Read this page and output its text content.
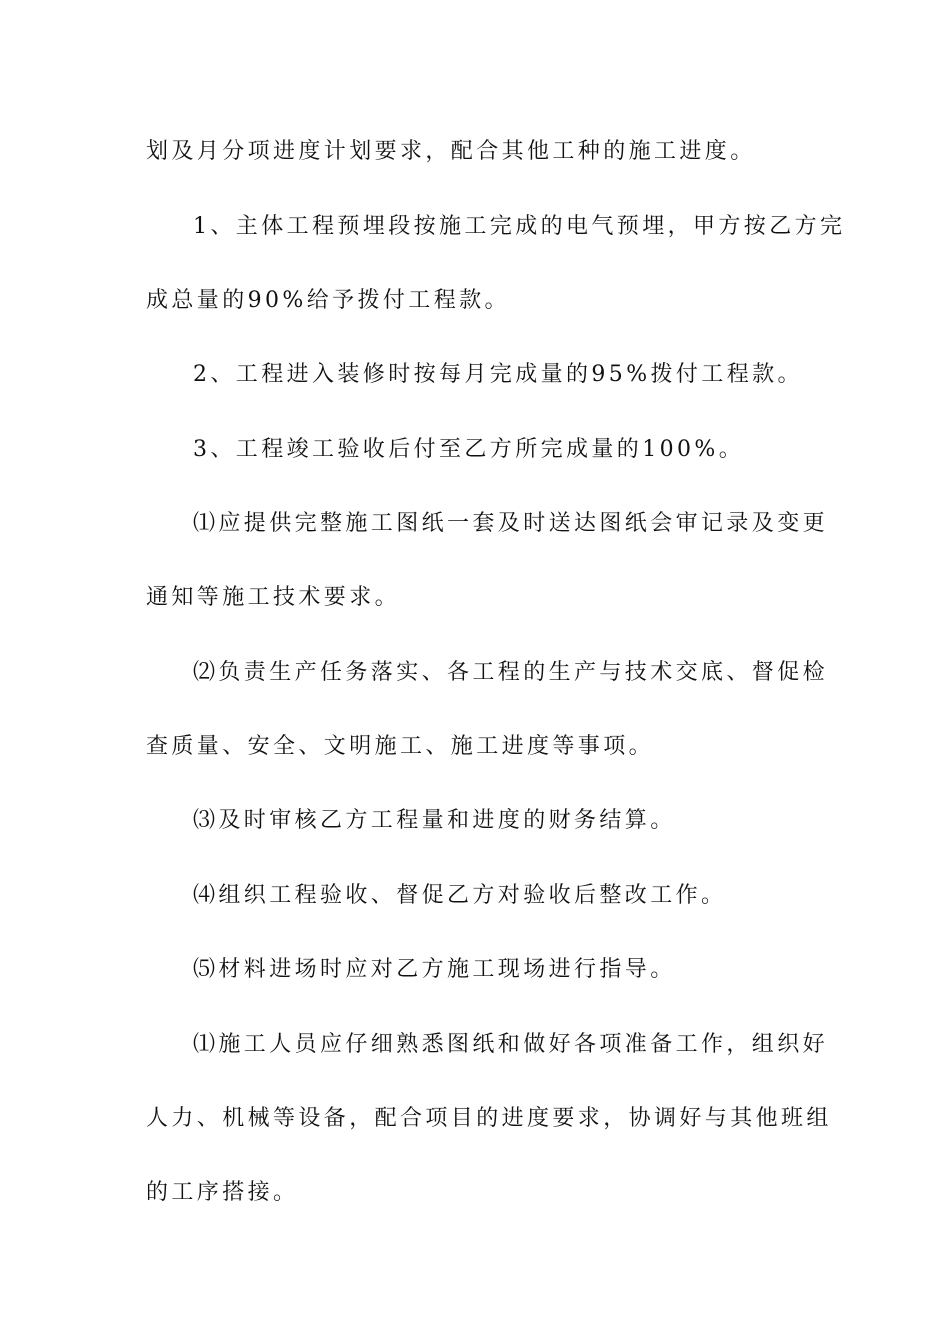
划及月分项进度计划要求，配合其他工种的施工进度。
1、主体工程预埋段按施工完成的电气预埋，甲方按乙方完
成总量的90%给予拨付工程款。
2、工程进入装修时按每月完成量的95%拨付工程款。
3、工程竣工验收后付至乙方所完成量的100%。
⑴应提供完整施工图纸一套及时送达图纸会审记录及变更
通知等施工技术要求。
⑵负责生产任务落实、各工程的生产与技术交底、督促检
查质量、安全、文明施工、施工进度等事项。
⑶及时审核乙方工程量和进度的财务结算。
⑷组织工程验收、督促乙方对验收后整改工作。
⑸材料进场时应对乙方施工现场进行指导。
⑴施工人员应仔细熟悉图纸和做好各项准备工作，组织好
人力、机械等设备，配合项目的进度要求，协调好与其他班组
的工序搭接。
